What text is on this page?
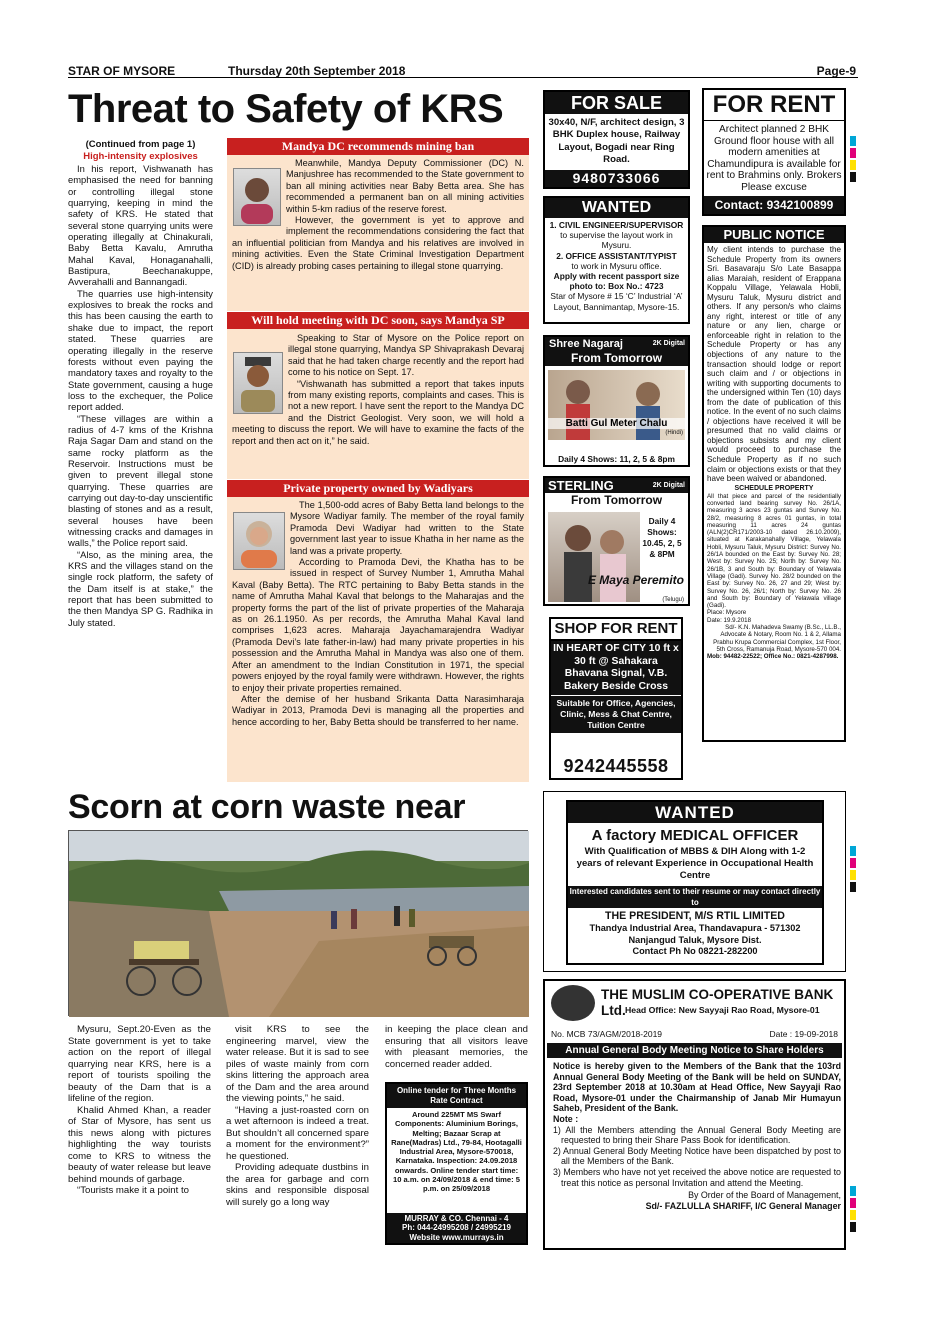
STAR OF MYSORE	Thursday 20th September 2018	Page-9
Threat to Safety of KRS
(Continued from page 1)
High-intensity explosives

In his report, Vishwanath has emphasised the need for banning or controlling illegal stone quarrying, keeping in mind the safety of KRS. He stated that several stone quarrying units were operating illegally at Chinakurali, Baby Betta Kavalu, Amrutha Mahal Kaval, Honaganahalli, Bastipura, Beechanakuppe, Avverahalli and Bannangadi.

The quarries use high-intensity explosives to break the rocks and this has been causing the earth to shake due to impact, the report stated. These quarries are operating illegally in the reserve forests without even paying the mandatory taxes and royalty to the State government, causing a huge loss to the exchequer, the Police report added.

“These villages are within a radius of 4-7 kms of the Krishna Raja Sagar Dam and stand on the same rocky platform as the Reservoir. Instructions must be given to prevent illegal stone quarrying. These quarries are carrying out day-to-day unscientific blasting of stones and as a result, several houses have been witnessing cracks and damages in walls,” the Police report said.

“Also, as the mining area, the KRS and the villages stand on the single rock platform, the safety of the Dam itself is at stake,” the report that has been submitted to the then Mandya SP G. Radhika in July stated.

Mandya DC recommends mining ban

Meanwhile, Mandya Deputy Commissioner (DC) N. Manjushree has recommended to the State government to ban all mining activities near Baby Betta area. She has recommended a permanent ban on all mining activities within 5-km radius of the reserve forest.

However, the government is yet to approve and implement the recommendations considering the fact that an influential politician from Mandya and his relatives are involved in mining activities. Even the State Criminal Investigation Department (CID) is already probing cases pertaining to illegal stone quarrying.

Will hold meeting with DC soon, says Mandya SP

Speaking to Star of Mysore on the Police report on illegal stone quarrying, Mandya SP Shivaprakash Devaraj said that he had taken charge recently and the report had come to his notice on Sept. 17.

“Vishwanath has submitted a report that takes inputs from many existing reports, complaints and cases. This is not a new report. I have sent the report to the Mandya DC and the District Geologist. Very soon, we will hold a meeting to discuss the report. We will have to examine the facts of the report and then act on it,” he said.

Private property owned by Wadiyars

The 1,500-odd acres of Baby Betta land belongs to the Mysore Wadiyar family. The member of the royal family Pramoda Devi Wadiyar had written to the State government last year to issue Khatha in her name as the land was a private property.

According to Pramoda Devi, the Khatha has to be issued in respect of Survey Number 1, Amrutha Mahal Kaval (Baby Betta). The RTC pertaining to Baby Betta stands in the name of Amrutha Mahal Kaval that belongs to the Maharajas and the property forms the part of the list of private properties of the Maharaja as on 26.1.1950. As per records, the Amrutha Mahal Kaval land comprises 1,623 acres. Maharaja Jayachamarajendra Wadiyar (Pramoda Devi’s late father-in-law) had many private properties in his possession and the Amrutha Mahal in Mandya was also one of them. After an amendment to the Indian Constitution in 1971, the special powers enjoyed by the royal family were withdrawn. However, the rights to enjoy their private properties remained.

After the demise of her husband Srikanta Datta Narasimharaja Wadiyar in 2013, Pramoda Devi is managing all the properties and hence according to her, Baby Betta should be transferred to her name.

Scorn at corn waste near

Mysuru, Sept.20-Even as the State government is yet to take action on the report of illegal quarrying near KRS, here is a report of tourists spoiling the beauty of the Dam that is a lifeline of the region.

Khalid Ahmed Khan, a reader of Star of Mysore, has sent us this news along with pictures highlighting the way tourists come to KRS to witness the beauty of water release but leave behind mounds of garbage.

“Tourists make it a point to

visit KRS to see the engineering marvel, view the water release. But it is sad to see piles of waste mainly from corn skins littering the approach area of the Dam and the area around the viewing points,” he said.

“Having a just-roasted corn on a wet afternoon is indeed a treat. But shouldn’t all concerned spare a moment for the environment?” he questioned.

Providing adequate dustbins in the area for garbage and corn skins and responsible disposal will surely go a long way

in keeping the place clean and ensuring that all visitors leave with pleasant memories, the concerned reader added.

Online tender for Three Months Rate Contract
Around 225MT MS Swarf Components: Aluminium Borings, Melting; Bazaar Scrap at Rane(Madras) Ltd., 79-84, Hootagalli Industrial Area, Mysore-570018, Karnataka. Inspection: 24.09.2018 onwards. Online tender start time: 10 a.m. on 24/09/2018 & end time: 5 p.m. on 25/09/2018
MURRAY & CO. Chennai - 4
Ph: 044-24995208 / 24995219
Website www.murrays.in
FOR SALE
30x40, N/F, architect design, 3 BHK Duplex house, Railway Layout, Bogadi near Ring Road.
9480733066
FOR RENT
Architect planned 2 BHK Ground floor house with all modern amenities at Chamundipura is available for rent to Brahmins only. Brokers Please excuse
Contact: 9342100899
WANTED
1. CIVIL ENGINEER/SUPERVISOR
to supervise the layout work in Mysuru.
2. OFFICE ASSISTANT/TYPIST
to work in Mysuru office.
Apply with recent passport size photo to: Box No.: 4723
Star of Mysore # 15 ‘C’ Industrial ‘A’ Layout, Bannimantap, Mysore-15.
Shree Nagaraj	2K Digital
From Tomorrow
Batti Gul Meter Chalu
(Hindi)
Daily 4 Shows: 11, 2, 5 & 8pm
STERLING	2K Digital
From Tomorrow
Daily 4 Shows: 10.45, 2, 5 & 8PM
E Maya Peremito
(Telugu)
SHOP FOR RENT
IN HEART OF CITY 10 ft x 30 ft @ Sahakara Bhavana Signal, V.B. Bakery Beside Cross
Suitable for Office, Agencies, Clinic, Mess & Chat Centre, Tuition Centre
9242445558
PUBLIC NOTICE

My client intends to purchase the Schedule Property from its owners Sri. Basavaraju S/o Late Basappa alias Maraiah, resident of Erappana Koppalu Village, Yelawala Hobli, Mysuru Taluk, Mysuru district and others. If any person/s who claims any right, interest or title of any nature or any lien, charge or enforceable right in relation to the Schedule Property or has any objections of any nature to the transaction should lodge or report such claim and / or objections in writing with supporting documents to the undersigned within Ten (10) days from the date of publication of this notice. In the event of no such claims / objections have received it will be presumed that no valid claims or objections subsists and my client would proceed to purchase the Schedule Property as if no such claim or objections exists or that they have been waived or abandoned.

SCHEDULE PROPERTY

All that piece and parcel of the residentially converted land bearing survey No. 26/1A, measuring 3 acres 23 guntas and Survey No. 28/2, measuring 8 acres 01 guntas, in total measuring 11 acres 24 guntas (ALN(2)CR171/2003-10 dated 26.10.2009), situated at Karakanahally Village, Yelawala Hobli, Mysuru Taluk, Mysuru District: Survey No. 26/1A bounded on the East by: Survey No. 28; West by: Survey No. 25; North by: Survey No. 26/1B, 3 and South by: Boundary of Yelawala Village (Gadi). Survey No. 28/2 bounded on the East by: Survey No. 26, 27 and 29; West by: Survey No. 26, 26/1; North by: Survey No. 26 and South by: Boundary of Yelawala village (Gadi).

Place: Mysore
Date: 19.9.2018
Sd/- K.N. Mahadeva Swamy (B.Sc., LL.B., Advocate & Notary, Room No. 1 & 2, Allama Prabhu Krupa Commercial Complex, 1st Floor, 5th Cross, Ramanuja Road, Mysore-570 004.
Mob: 94482-22522; Office No.: 0821-4287998.
WANTED
A factory MEDICAL OFFICER
With Qualification of MBBS & DIH Along with 1-2 years of relevant Experience in Occupational Health Centre
Interested candidates sent to their resume or may contact directly to
THE PRESIDENT, M/S RTIL LIMITED
Thandya Industrial Area, Thandavapura - 571302
Nanjangud Taluk, Mysore Dist.
Contact Ph No 08221-282200
THE MUSLIM CO-OPERATIVE BANK Ltd. Head Office: New Sayyaji Rao Road, Mysore-01
No. MCB 73/AGM/2018-2019	Date : 19-09-2018
Annual General Body Meeting Notice to Share Holders

Notice is hereby given to the Members of the Bank that the 103rd Annual General Body Meeting of the Bank will be held on SUNDAY, 23rd September 2018 at 10.30am at Head Office, New Sayyaji Rao Road, Mysore-01 under the Chairmanship of Janab Mir Humayun Saheb, President of the Bank.

Note :
1) All the Members attending the Annual General Body Meeting are requested to bring their Share Pass Book for identification.
2) Annual General Body Meeting Notice have been dispatched by post to all the Members of the Bank.
3) Members who have not yet received the above notice are requested to treat this notice as personal Invitation and attend the Meeting.
By Order of the Board of Management,
Sd/- FAZLULLA SHARIFF, I/C General Manager
